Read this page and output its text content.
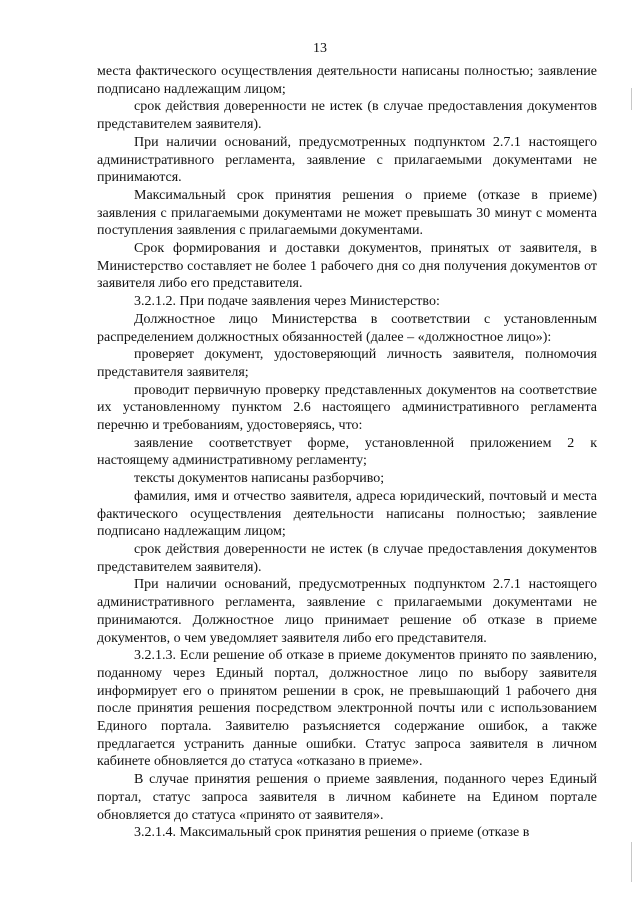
13

места фактического осуществления деятельности написаны полностью; заявление подписано надлежащим лицом;

срок действия доверенности не истек (в случае предоставления документов представителем заявителя).

При наличии оснований, предусмотренных подпунктом 2.7.1 настоящего административного регламента, заявление с прилагаемыми документами не принимаются.

Максимальный срок принятия решения о приеме (отказе в приеме) заявления с прилагаемыми документами не может превышать 30 минут с момента поступления заявления с прилагаемыми документами.

Срок формирования и доставки документов, принятых от заявителя, в Министерство составляет не более 1 рабочего дня со дня получения документов от заявителя либо его представителя.

3.2.1.2. При подаче заявления через Министерство:

Должностное лицо Министерства в соответствии с установленным распределением должностных обязанностей (далее – «должностное лицо»):

проверяет документ, удостоверяющий личность заявителя, полномочия представителя заявителя;

проводит первичную проверку представленных документов на соответствие их установленному пунктом 2.6 настоящего административного регламента перечню и требованиям, удостоверяясь, что:

заявление соответствует форме, установленной приложением 2 к настоящему административному регламенту;

тексты документов написаны разборчиво;

фамилия, имя и отчество заявителя, адреса юридический, почтовый и места фактического осуществления деятельности написаны полностью; заявление подписано надлежащим лицом;

срок действия доверенности не истек (в случае предоставления документов представителем заявителя).

При наличии оснований, предусмотренных подпунктом 2.7.1 настоящего административного регламента, заявление с прилагаемыми документами не принимаются. Должностное лицо принимает решение об отказе в приеме документов, о чем уведомляет заявителя либо его представителя.

3.2.1.3. Если решение об отказе в приеме документов принято по заявлению, поданному через Единый портал, должностное лицо по выбору заявителя информирует его о принятом решении в срок, не превышающий 1 рабочего дня после принятия решения посредством электронной почты или с использованием Единого портала. Заявителю разъясняется содержание ошибок, а также предлагается устранить данные ошибки. Статус запроса заявителя в личном кабинете обновляется до статуса «отказано в приеме».

В случае принятия решения о приеме заявления, поданного через Единый портал, статус запроса заявителя в личном кабинете на Едином портале обновляется до статуса «принято от заявителя».

3.2.1.4. Максимальный срок принятия решения о приеме (отказе в
